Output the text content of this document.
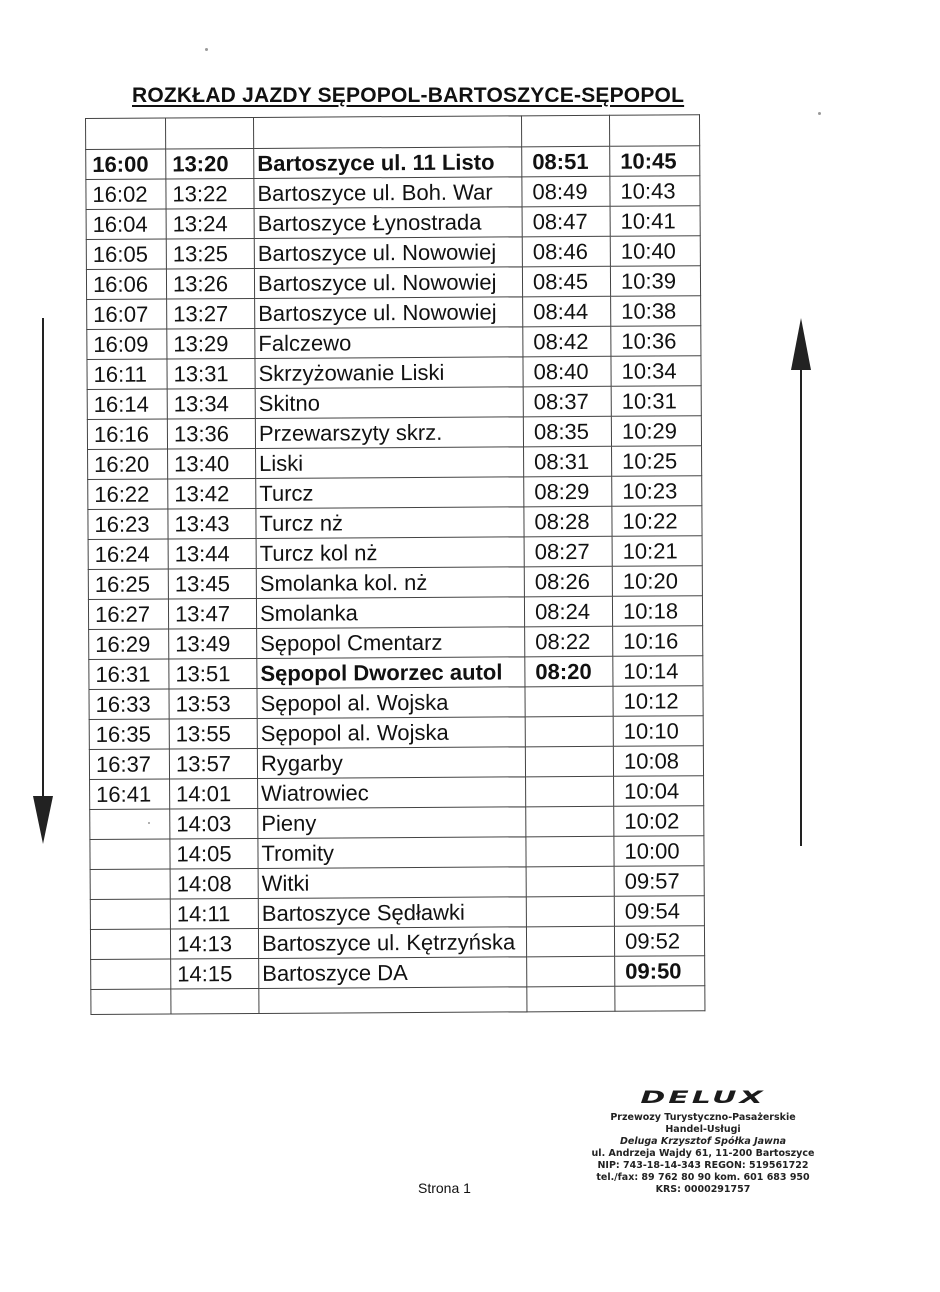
ROZKŁAD JAZDY SĘPOPOL-BARTOSZYCE-SĘPOPOL

16:00	13:20	Bartoszyce ul. 11 Listo	08:51	10:45
16:02	13:22	Bartoszyce ul. Boh. War	08:49	10:43
16:04	13:24	Bartoszyce Łynostrada	08:47	10:41
16:05	13:25	Bartoszyce ul. Nowowiej	08:46	10:40
16:06	13:26	Bartoszyce ul. Nowowiej	08:45	10:39
16:07	13:27	Bartoszyce ul. Nowowiej	08:44	10:38
16:09	13:29	Falczewo	08:42	10:36
16:11	13:31	Skrzyżowanie Liski	08:40	10:34
16:14	13:34	Skitno	08:37	10:31
16:16	13:36	Przewarszyty skrz.	08:35	10:29
16:20	13:40	Liski	08:31	10:25
16:22	13:42	Turcz	08:29	10:23
16:23	13:43	Turcz nż	08:28	10:22
16:24	13:44	Turcz kol nż	08:27	10:21
16:25	13:45	Smolanka kol. nż	08:26	10:20
16:27	13:47	Smolanka	08:24	10:18
16:29	13:49	Sępopol Cmentarz	08:22	10:16
16:31	13:51	Sępopol Dworzec autol	08:20	10:14
16:33	13:53	Sępopol al. Wojska		10:12
16:35	13:55	Sępopol al. Wojska		10:10
16:37	13:57	Rygarby		10:08
16:41	14:01	Wiatrowiec		10:04
	14:03	Pieny		10:02
	14:05	Tromity		10:00
	14:08	Witki		09:57
	14:11	Bartoszyce Sędławki		09:54
	14:13	Bartoszyce ul. Kętrzyńska		09:52
	14:15	Bartoszyce DA		09:50

DELUX
Przewozy Turystyczno-Pasażerskie
Handel-Usługi
Deluga Krzysztof Spółka Jawna
ul. Andrzeja Wajdy 61, 11-200 Bartoszyce
NIP: 743-18-14-343 REGON: 519561722
tel./fax: 89 762 80 90 kom. 601 683 950
KRS: 0000291757
Strona 1
